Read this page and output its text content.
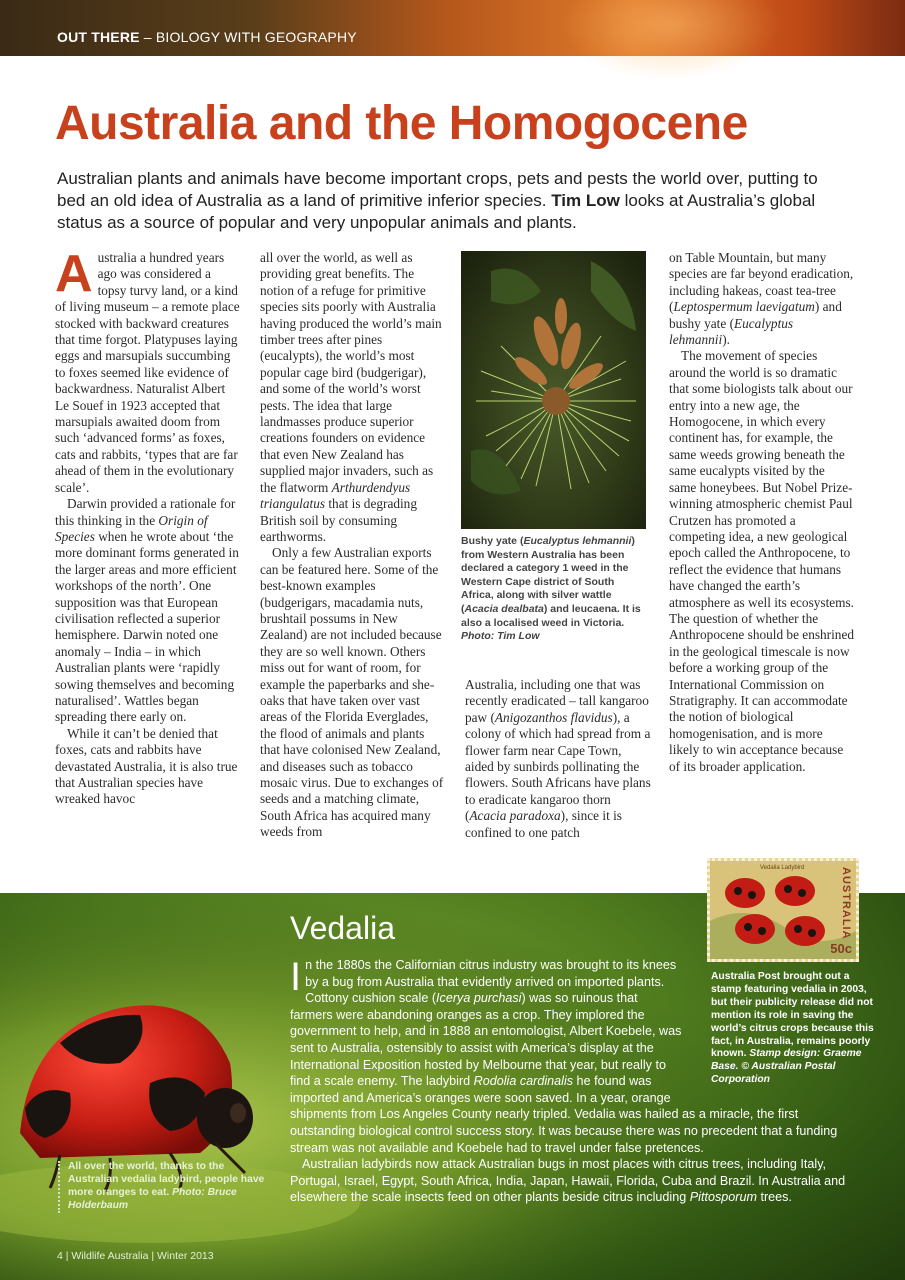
OUT THERE – BIOLOGY WITH GEOGRAPHY
Australia and the Homogocene

Australian plants and animals have become important crops, pets and pests the world over, putting to bed an old idea of Australia as a land of primitive inferior species. Tim Low looks at Australia’s global status as a source of popular and very unpopular animals and plants.

Australia a hundred years ago was considered a topsy turvy land, or a kind of living museum – a remote place stocked with backward creatures that time forgot. Platypuses laying eggs and marsupials succumbing to foxes seemed like evidence of backwardness. Naturalist Albert Le Souef in 1923 accepted that marsupials awaited doom from such ‘advanced forms’ as foxes, cats and rabbits, ‘types that are far ahead of them in the evolutionary scale’.

Darwin provided a rationale for this thinking in the Origin of Species when he wrote about ‘the more dominant forms generated in the larger areas and more efficient workshops of the north’. One supposition was that European civilisation reflected a superior hemisphere. Darwin noted one anomaly – India – in which Australian plants were ‘rapidly sowing themselves and becoming naturalised’. Wattles began spreading there early on.

While it can’t be denied that foxes, cats and rabbits have devastated Australia, it is also true that Australian species have wreaked havoc

all over the world, as well as providing great benefits. The notion of a refuge for primitive species sits poorly with Australia having produced the world’s main timber trees after pines (eucalypts), the world’s most popular cage bird (budgerigar), and some of the world’s worst pests. The idea that large landmasses produce superior creations founders on evidence that even New Zealand has supplied major invaders, such as the flatworm Arthurdendyus triangulatus that is degrading British soil by consuming earthworms.

Only a few Australian exports can be featured here. Some of the best-known examples (budgerigars, macadamia nuts, brushtail possums in New Zealand) are not included because they are so well known. Others miss out for want of room, for example the paperbarks and she-oaks that have taken over vast areas of the Florida Everglades, the flood of animals and plants that have colonised New Zealand, and diseases such as tobacco mosaic virus. Due to exchanges of seeds and a matching climate, South Africa has acquired many weeds from

Bushy yate (Eucalyptus lehmannii) from Western Australia has been declared a category 1 weed in the Western Cape district of South Africa, along with silver wattle (Acacia dealbata) and leucaena. It is also a localised weed in Victoria. Photo: Tim Low

Australia, including one that was recently eradicated – tall kangaroo paw (Anigozanthos flavidus), a colony of which had spread from a flower farm near Cape Town, aided by sunbirds pollinating the flowers. South Africans have plans to eradicate kangaroo thorn (Acacia paradoxa), since it is confined to one patch

on Table Mountain, but many species are far beyond eradication, including hakeas, coast tea-tree (Leptospermum laevigatum) and bushy yate (Eucalyptus lehmannii).

The movement of species around the world is so dramatic that some biologists talk about our entry into a new age, the Homogocene, in which every continent has, for example, the same weeds growing beneath the same eucalypts visited by the same honeybees. But Nobel Prize-winning atmospheric chemist Paul Crutzen has promoted a competing idea, a new geological epoch called the Anthropocene, to reflect the evidence that humans have changed the earth’s atmosphere as well its ecosystems. The question of whether the Anthropocene should be enshrined in the geological timescale is now before a working group of the International Commission on Stratigraphy. It can accommodate the notion of biological homogenisation, and is more likely to win acceptance because of its broader application.

Vedalia

In the 1880s the Californian citrus industry was brought to its knees by a bug from Australia that evidently arrived on imported plants. Cottony cushion scale (Icerya purchasi) was so ruinous that farmers were abandoning oranges as a crop. They implored the government to help, and in 1888 an entomologist, Albert Koebele, was sent to Australia, ostensibly to assist with America’s display at the International Exposition hosted by Melbourne that year, but really to find a scale enemy. The ladybird Rodolia cardinalis he found was imported and America’s oranges were soon saved. In a year, orange shipments from Los Angeles County nearly tripled. Vedalia was hailed as a miracle, the first outstanding biological control success story. It was because there was no precedent that a funding stream was not available and Koebele had to travel under false pretences.

Australian ladybirds now attack Australian bugs in most places with citrus trees, including Italy, Portugal, Israel, Egypt, South Africa, India, Japan, Hawaii, Florida, Cuba and Brazil. In Australia and elsewhere the scale insects feed on other plants beside citrus including Pittosporum trees.

Vedalia Ladybird	AUSTRALIA
50c

Australia Post brought out a stamp featuring vedalia in 2003, but their publicity release did not mention its role in saving the world’s citrus crops because this fact, in Australia, remains poorly known. Stamp design: Graeme Base. © Australian Postal Corporation

All over the world, thanks to the Australian vedalia ladybird, people have more oranges to eat. Photo: Bruce Holderbaum

4 | Wildlife Australia | Winter 2013
